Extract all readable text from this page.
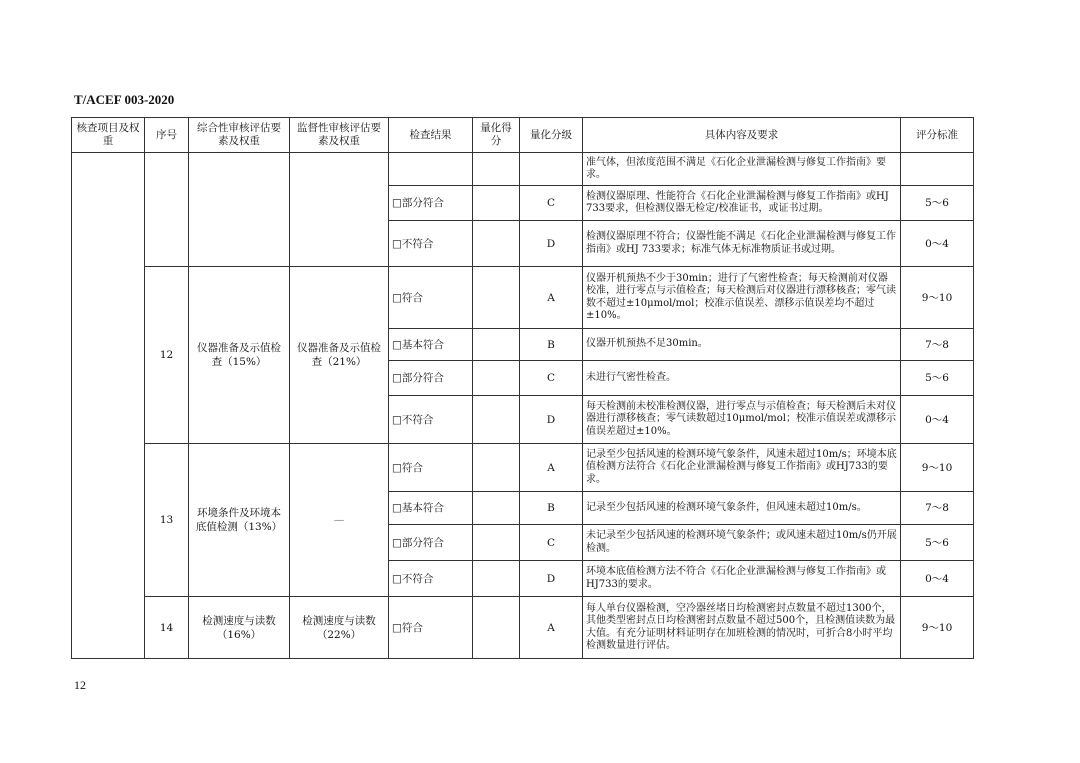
T/ACEF 003-2020
核查项目及权重	序号	综合性审核评估要素及权重	监督性审核评估要素及权重	检查结果	量化得分	量化分级	具体内容及要求	评分标准
							准气体，但浓度范围不满足《石化企业泄漏检测与修复工作指南》要求。	
				□部分符合		C	检测仪器原理、性能符合《石化企业泄漏检测与修复工作指南》或HJ 733要求，但检测仪器无检定/校准证书，或证书过期。	5～6
				□不符合		D	检测仪器原理不符合；仪器性能不满足《石化企业泄漏检测与修复工作指南》或HJ 733要求；标准气体无标准物质证书或过期。	0～4
	12	仪器准备及示值检查（15%）	仪器准备及示值检查（21%）	□符合		A	仪器开机预热不少于30min；进行了气密性检查；每天检测前对仪器校准，进行零点与示值检查；每天检测后对仪器进行漂移核查；零气读数不超过±10μmol/mol；校准示值误差、漂移示值误差均不超过±10%。	9～10
				□基本符合		B	仪器开机预热不足30min。	7～8
				□部分符合		C	未进行气密性检查。	5～6
				□不符合		D	每天检测前未校准检测仪器，进行零点与示值检查；每天检测后未对仪器进行漂移核查；零气读数超过10μmol/mol；校准示值误差或漂移示值误差超过±10%。	0～4
	13	环境条件及环境本底值检测（13%）	—	□符合		A	记录至少包括风速的检测环境气象条件，风速未超过10m/s；环境本底值检测方法符合《石化企业泄漏检测与修复工作指南》或HJ733的要求。	9～10
				□基本符合		B	记录至少包括风速的检测环境气象条件，但风速未超过10m/s。	7～8
				□部分符合		C	未记录至少包括风速的检测环境气象条件；或风速未超过10m/s仍开展检测。	5～6
				□不符合		D	环境本底值检测方法不符合《石化企业泄漏检测与修复工作指南》或HJ733的要求。	0～4
	14	检测速度与读数（16%）	检测速度与读数（22%）	□符合		A	每人单台仪器检测，空冷器丝堵日均检测密封点数量不超过1300个，其他类型密封点日均检测密封点数量不超过500个，且检测值读数为最大值。有充分证明材料证明存在加班检测的情况时，可折合8小时平均检测数量进行评估。	9～10
12
